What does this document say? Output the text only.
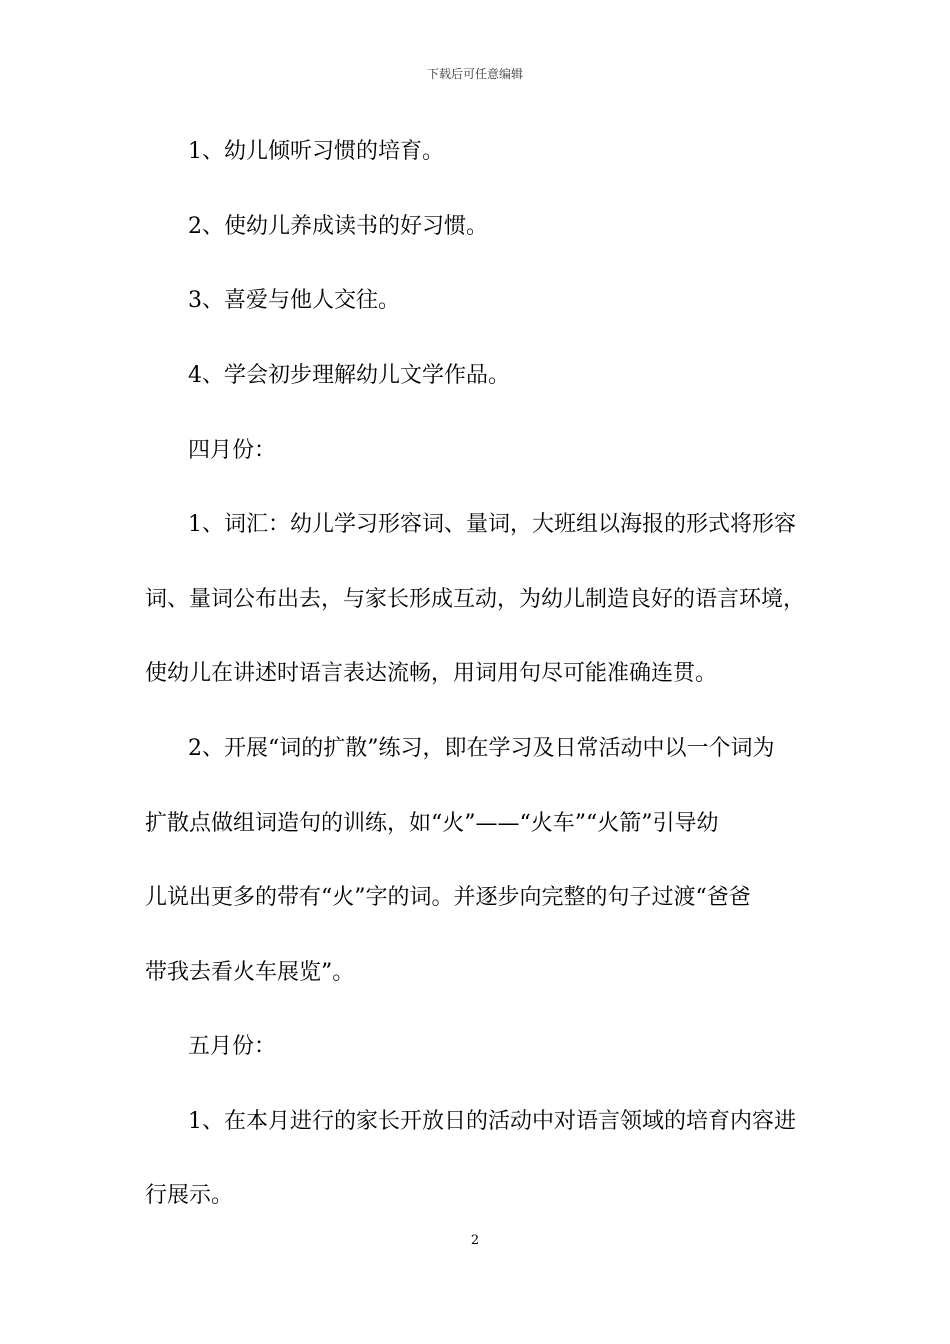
下载后可任意编辑
1、幼儿倾听习惯的培育。
2、使幼儿养成读书的好习惯。
3、喜爱与他人交往。
4、学会初步理解幼儿文学作品。
四月份：
1、词汇：幼儿学习形容词、量词，大班组以海报的形式将形容
词、量词公布出去，与家长形成互动，为幼儿制造良好的语言环境，
使幼儿在讲述时语言表达流畅，用词用句尽可能准确连贯。
2、开展“词的扩散”练习，即在学习及日常活动中以一个词为
扩散点做组词造句的训练，如“火”——“火车”“火箭”引导幼
儿说出更多的带有“火”字的词。并逐步向完整的句子过渡“爸爸
带我去看火车展览”。
五月份：
1、在本月进行的家长开放日的活动中对语言领域的培育内容进
行展示。
2
